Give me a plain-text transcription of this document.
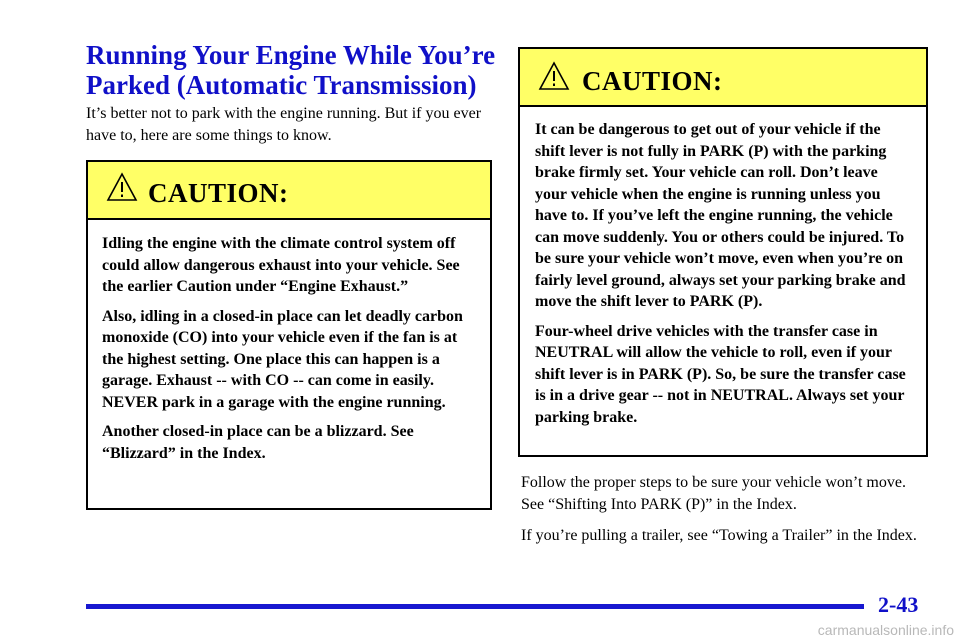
Running Your Engine While You’re
Parked (Automatic Transmission)

It’s better not to park with the engine running. But if you ever have to, here are some things to know.

CAUTION:

Idling the engine with the climate control system off could allow dangerous exhaust into your vehicle. See the earlier Caution under “Engine Exhaust.”

Also, idling in a closed-in place can let deadly carbon monoxide (CO) into your vehicle even if the fan is at the highest setting. One place this can happen is a garage. Exhaust -- with CO -- can come in easily. NEVER park in a garage with the engine running.

Another closed-in place can be a blizzard. See “Blizzard” in the Index.

CAUTION:

It can be dangerous to get out of your vehicle if the shift lever is not fully in PARK (P) with the parking brake firmly set. Your vehicle can roll. Don’t leave your vehicle when the engine is running unless you have to. If you’ve left the engine running, the vehicle can move suddenly. You or others could be injured. To be sure your vehicle won’t move, even when you’re on fairly level ground, always set your parking brake and move the shift lever to PARK (P).

Four-wheel drive vehicles with the transfer case in NEUTRAL will allow the vehicle to roll, even if your shift lever is in PARK (P). So, be sure the transfer case is in a drive gear -- not in NEUTRAL. Always set your parking brake.

Follow the proper steps to be sure your vehicle won’t move. See “Shifting Into PARK (P)” in the Index.

If you’re pulling a trailer, see “Towing a Trailer” in the Index.

2-43
carmanualsonline.info
